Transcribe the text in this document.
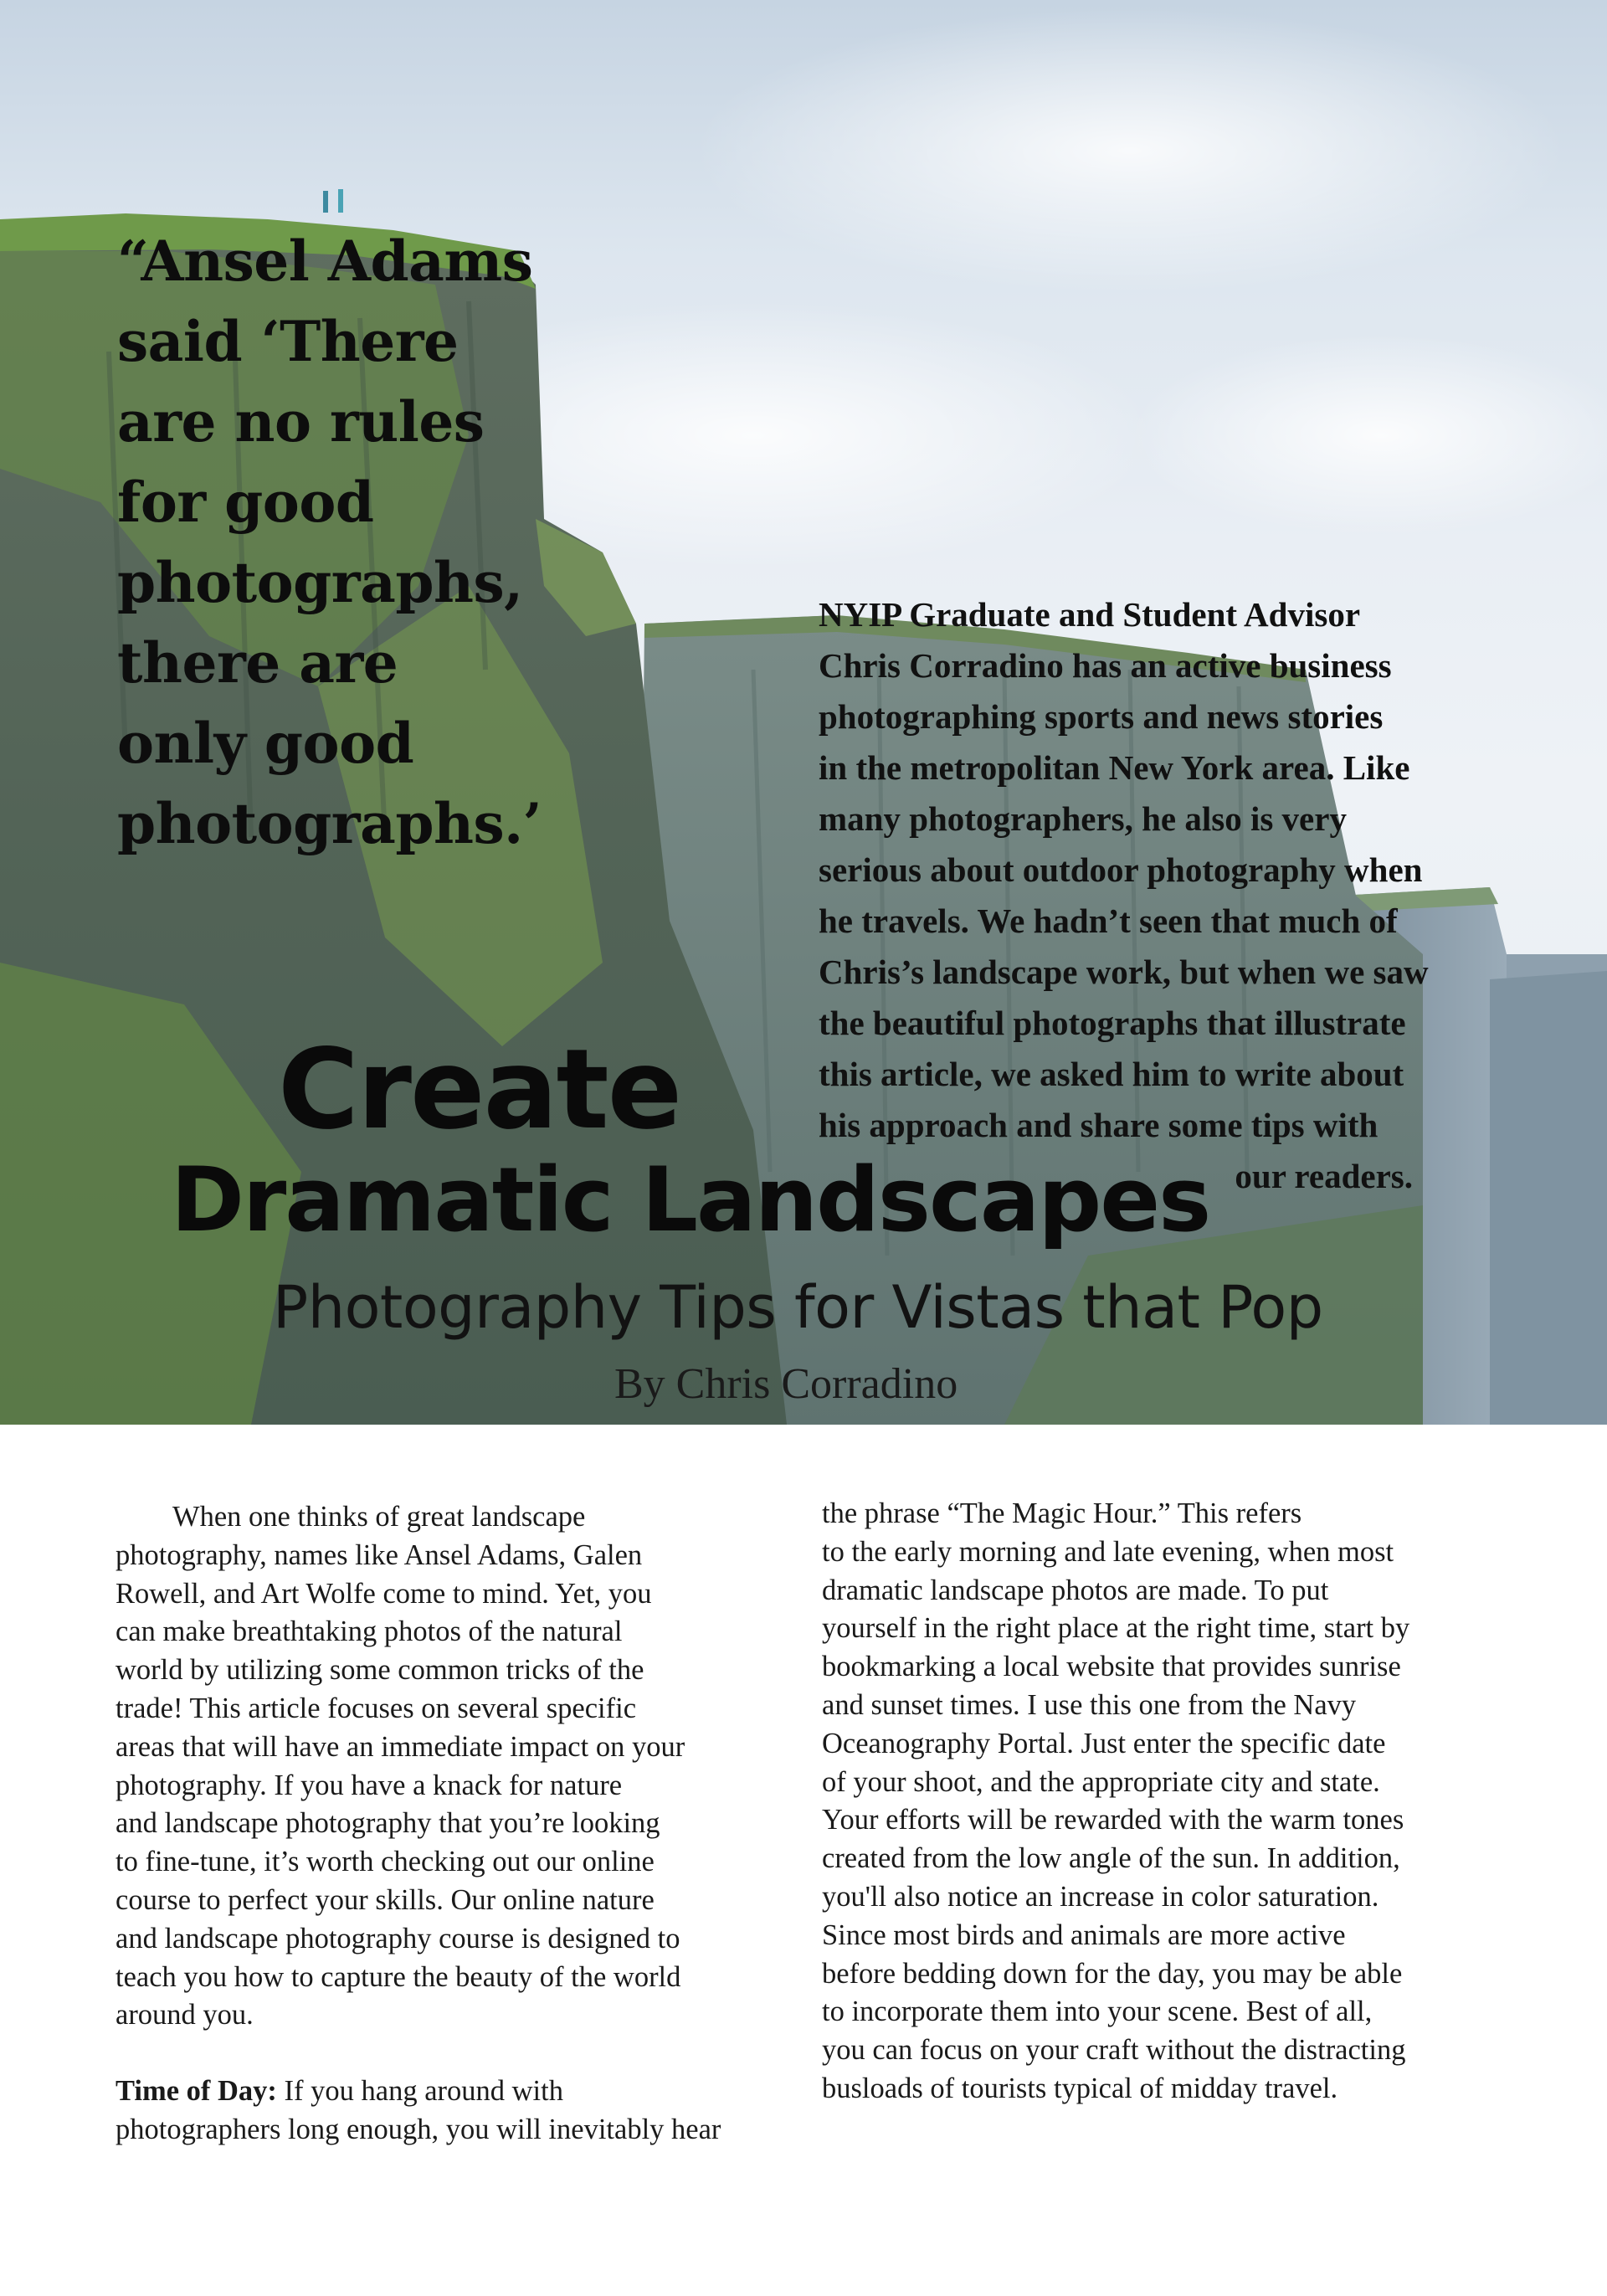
“Ansel Adams
said ‘There
are no rules
for good
photographs,
there are
only good
photographs.’
NYIP Graduate and Student Advisor
Chris Corradino has an active business
photographing sports and news stories
in the metropolitan New York area. Like
many photographers, he also is very
serious about outdoor photography when
he travels. We hadn’t seen that much of
Chris’s landscape work, but when we saw
the beautiful photographs that illustrate
this article, we asked him to write about
his approach and share some tips with
our readers.
Create
Dramatic Landscapes
Photography Tips for Vistas that Pop
By Chris Corradino
When one thinks of great landscape
photography, names like Ansel Adams, Galen
Rowell, and Art Wolfe come to mind. Yet, you
can make breathtaking photos of the natural
world by utilizing some common tricks of the
trade! This article focuses on several specific
areas that will have an immediate impact on your
photography. If you have a knack for nature
and landscape photography that you’re looking
to fine-tune, it’s worth checking out our online
course to perfect your skills. Our online nature
and landscape photography course is designed to
teach you how to capture the beauty of the world
around you.
Time of Day: If you hang around with
photographers long enough, you will inevitably hear
the phrase “The Magic Hour.” This refers
to the early morning and late evening, when most
dramatic landscape photos are made. To put
yourself in the right place at the right time, start by
bookmarking a local website that provides sunrise
and sunset times. I use this one from the Navy
Oceanography Portal. Just enter the specific date
of your shoot, and the appropriate city and state.
Your efforts will be rewarded with the warm tones
created from the low angle of the sun. In addition,
you'll also notice an increase in color saturation.
Since most birds and animals are more active
before bedding down for the day, you may be able
to incorporate them into your scene. Best of all,
you can focus on your craft without the distracting
busloads of tourists typical of midday travel.
